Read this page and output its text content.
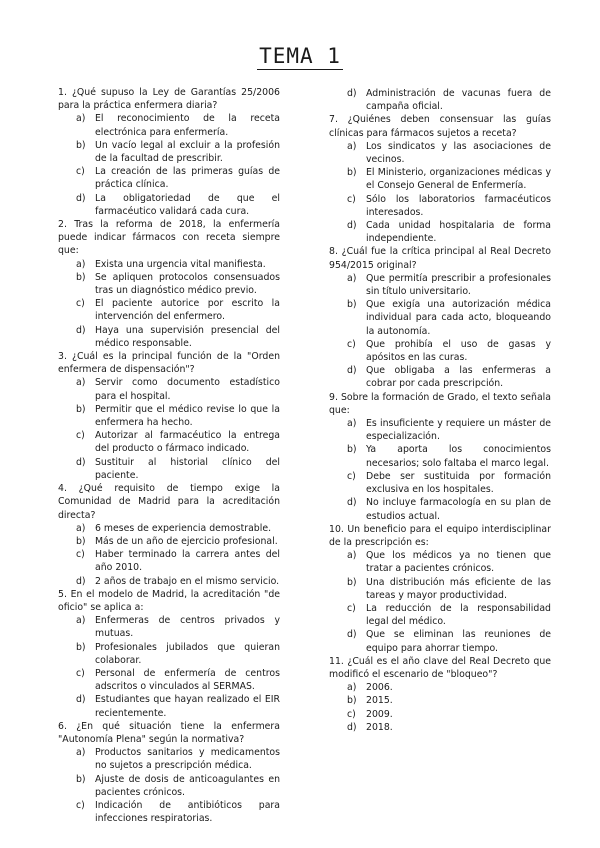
TEMA 1
1. ¿Qué supuso la Ley de Garantías 25/2006 para la práctica enfermera diaria?
a)	El reconocimiento de la receta electrónica para enfermería.
b)	Un vacío legal al excluir a la profesión de la facultad de prescribir.
c)	La creación de las primeras guías de práctica clínica.
d)	La obligatoriedad de que el farmacéutico validará cada cura.
2. Tras la reforma de 2018, la enfermería puede indicar fármacos con receta siempre que:
a)	Exista una urgencia vital manifiesta.
b)	Se apliquen protocolos consensuados tras un diagnóstico médico previo.
c)	El paciente autorice por escrito la intervención del enfermero.
d)	Haya una supervisión presencial del médico responsable.
3. ¿Cuál es la principal función de la "Orden enfermera de dispensación"?
a)	Servir como documento estadístico para el hospital.
b)	Permitir que el médico revise lo que la enfermera ha hecho.
c)	Autorizar al farmacéutico la entrega del producto o fármaco indicado.
d)	Sustituir al historial clínico del paciente.
4. ¿Qué requisito de tiempo exige la Comunidad de Madrid para la acreditación directa?
a)	6 meses de experiencia demostrable.
b)	Más de un año de ejercicio profesional.
c)	Haber terminado la carrera antes del año 2010.
d)	2 años de trabajo en el mismo servicio.
5. En el modelo de Madrid, la acreditación "de oficio" se aplica a:
a)	Enfermeras de centros privados y mutuas.
b)	Profesionales jubilados que quieran colaborar.
c)	Personal de enfermería de centros adscritos o vinculados al SERMAS.
d)	Estudiantes que hayan realizado el EIR recientemente.
6. ¿En qué situación tiene la enfermera "Autonomía Plena" según la normativa?
a)	Productos sanitarios y medicamentos no sujetos a prescripción médica.
b)	Ajuste de dosis de anticoagulantes en pacientes crónicos.
c)	Indicación de antibióticos para infecciones respiratorias.
d)	Administración de vacunas fuera de campaña oficial.
7. ¿Quiénes deben consensuar las guías clínicas para fármacos sujetos a receta?
a)	Los sindicatos y las asociaciones de vecinos.
b)	El Ministerio, organizaciones médicas y el Consejo General de Enfermería.
c)	Sólo los laboratorios farmacéuticos interesados.
d)	Cada unidad hospitalaria de forma independiente.
8. ¿Cuál fue la crítica principal al Real Decreto 954/2015 original?
a)	Que permitía prescribir a profesionales sin título universitario.
b)	Que exigía una autorización médica individual para cada acto, bloqueando la autonomía.
c)	Que prohibía el uso de gasas y apósitos en las curas.
d)	Que obligaba a las enfermeras a cobrar por cada prescripción.
9. Sobre la formación de Grado, el texto señala que:
a)	Es insuficiente y requiere un máster de especialización.
b)	Ya aporta los conocimientos necesarios; solo faltaba el marco legal.
c)	Debe ser sustituida por formación exclusiva en los hospitales.
d)	No incluye farmacología en su plan de estudios actual.
10. Un beneficio para el equipo interdisciplinar de la prescripción es:
a)	Que los médicos ya no tienen que tratar a pacientes crónicos.
b)	Una distribución más eficiente de las tareas y mayor productividad.
c)	La reducción de la responsabilidad legal del médico.
d)	Que se eliminan las reuniones de equipo para ahorrar tiempo.
11. ¿Cuál es el año clave del Real Decreto que modificó el escenario de "bloqueo"?
a)	2006.
b)	2015.
c)	2009.
d)	2018.
